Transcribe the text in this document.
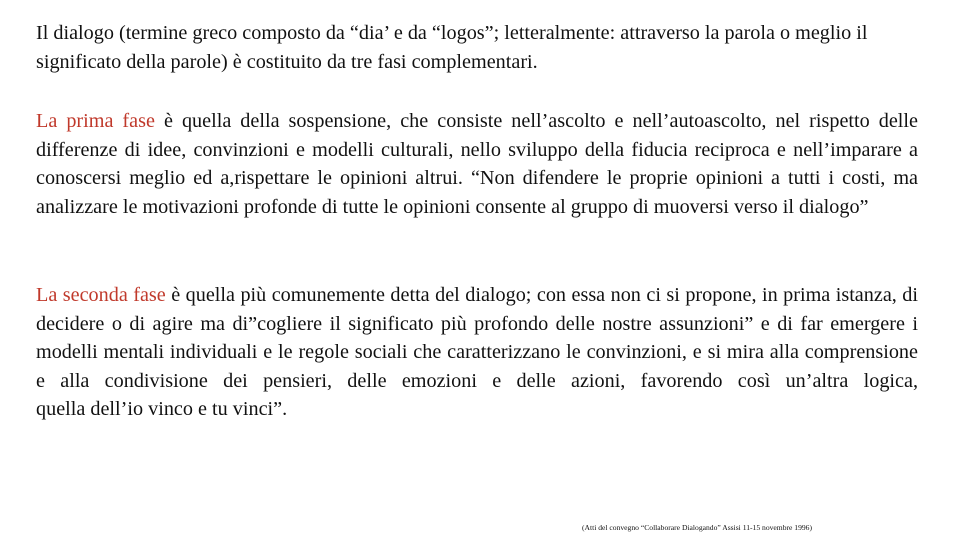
Il dialogo (termine greco composto da “dia’ e da “logos”; letteralmente: attraverso la parola o meglio il significato della parole) è costituito da tre fasi complementari.

La prima fase è quella della sospensione, che consiste nell’ascolto e nell’autoascolto, nel rispetto delle differenze di idee, convinzioni e modelli culturali, nello sviluppo della fiducia reciproca e nell’imparare a conoscersi meglio ed a,rispettare le opinioni altrui. “Non difendere le proprie opinioni a tutti i costi, ma analizzare le motivazioni profonde di tutte le opinioni consente al gruppo di muoversi verso il dialogo”

La seconda fase è quella più comunemente detta del dialogo; con essa non ci si propone, in prima istanza, di decidere o di agire ma di”cogliere il significato più profondo delle nostre assunzioni” e di far emergere i modelli mentali individuali e le regole sociali che caratterizzano le convinzioni, e si mira alla comprensione e alla condivisione dei pensieri, delle emozioni e delle azioni, favorendo così un’altra logica, quella dell’io vinco e tu vinci”.

(Atti del convegno “Collaborare Dialogando” Assisi 11-15 novembre 1996)
